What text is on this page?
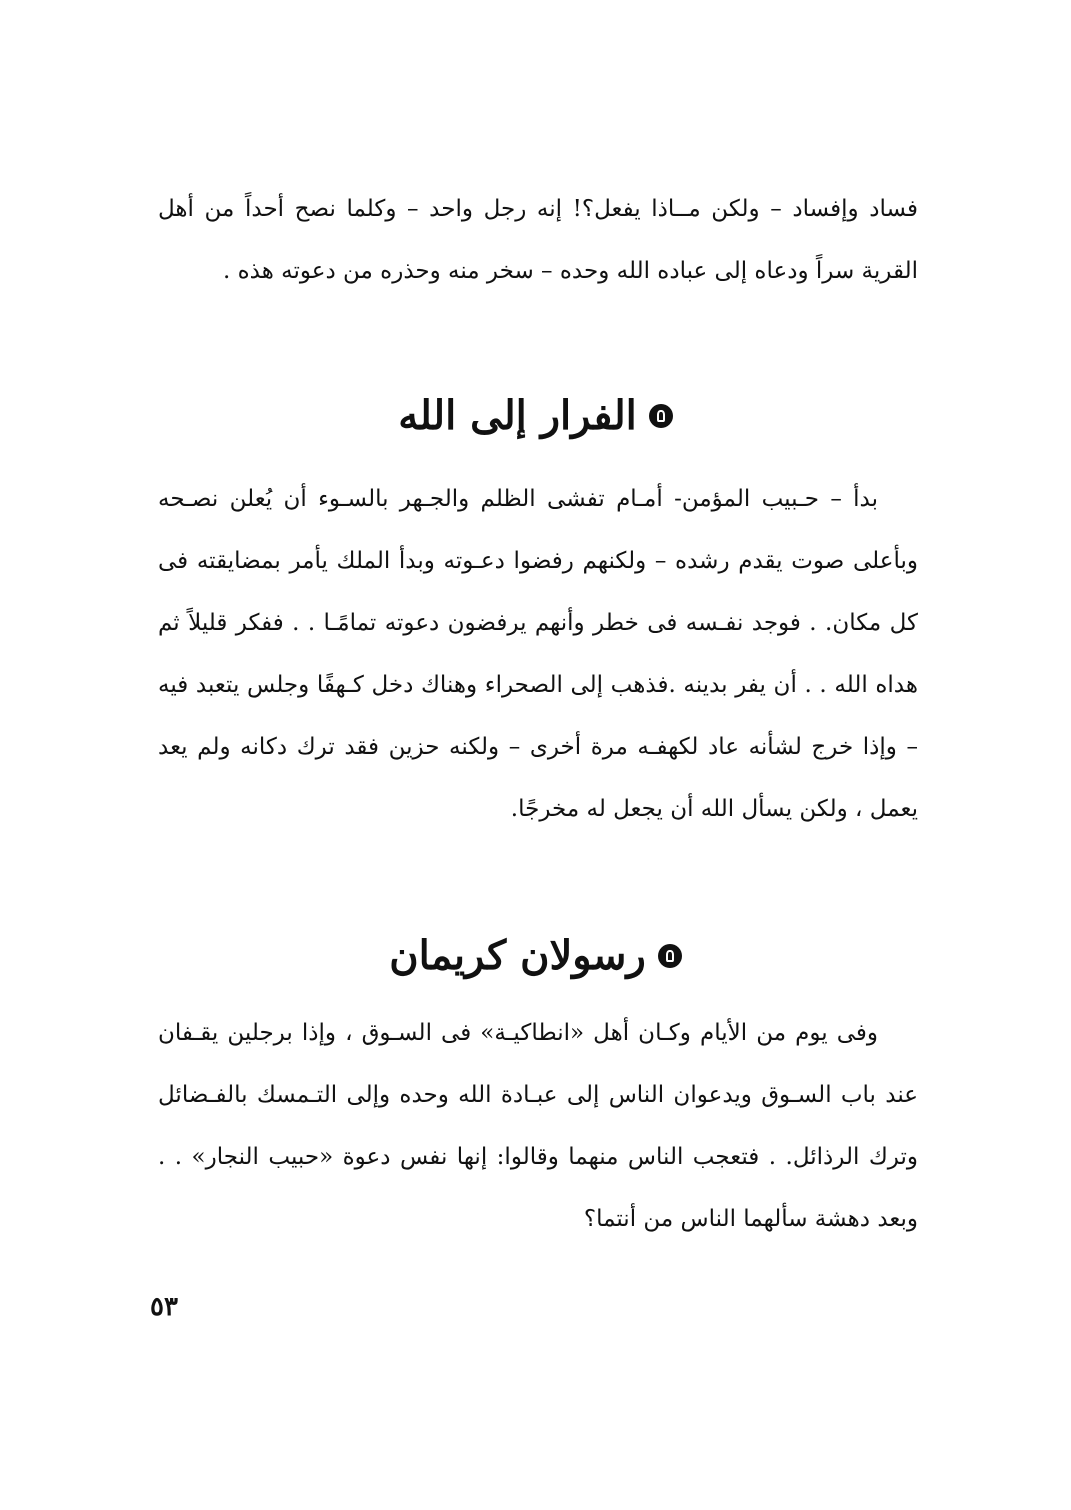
فساد وإفساد – ولكن مــاذا يفعل؟! إنه رجل واحد – وكلما نصح أحداً من أهل القرية سراً ودعاه إلى عباده الله وحده – سخر منه وحذره من دعوته هذه .

الفرار إلى الله

بدأ – حـبيب المؤمن- أمـام تفشى الظلم والجـهر بالسـوء أن يُعلن نصـحه وبأعلى صوت يقدم رشده – ولكنهم رفضوا دعـوته وبدأ الملك يأمر بمضايقته فى كل مكان. . فوجد نفـسه فى خطر وأنهم يرفضون دعوته تمامًـا . . ففكر قليلاً ثم هداه الله . . أن يفر بدينه .فذهب إلى الصحراء وهناك دخل كـهفًا وجلس يتعبد فيه – وإذا خرج لشأنه عاد لكهفـه مرة أخرى – ولكنه حزين فقد ترك دكانه ولم يعد يعمل ، ولكن يسأل الله أن يجعل له مخرجًا.

رسولان كريمان

وفى يوم من الأيام وكـان أهل «انطاكيـة» فى السـوق ، وإذا برجلين يقـفان عند باب السـوق ويدعوان الناس إلى عبـادة الله وحده وإلى التـمسك بالفـضائل وترك الرذائل. . فتعجب الناس منهما وقالوا: إنها نفس دعوة «حبيب النجار» . . وبعد دهشة سألهما الناس من أنتما؟

٥٣
